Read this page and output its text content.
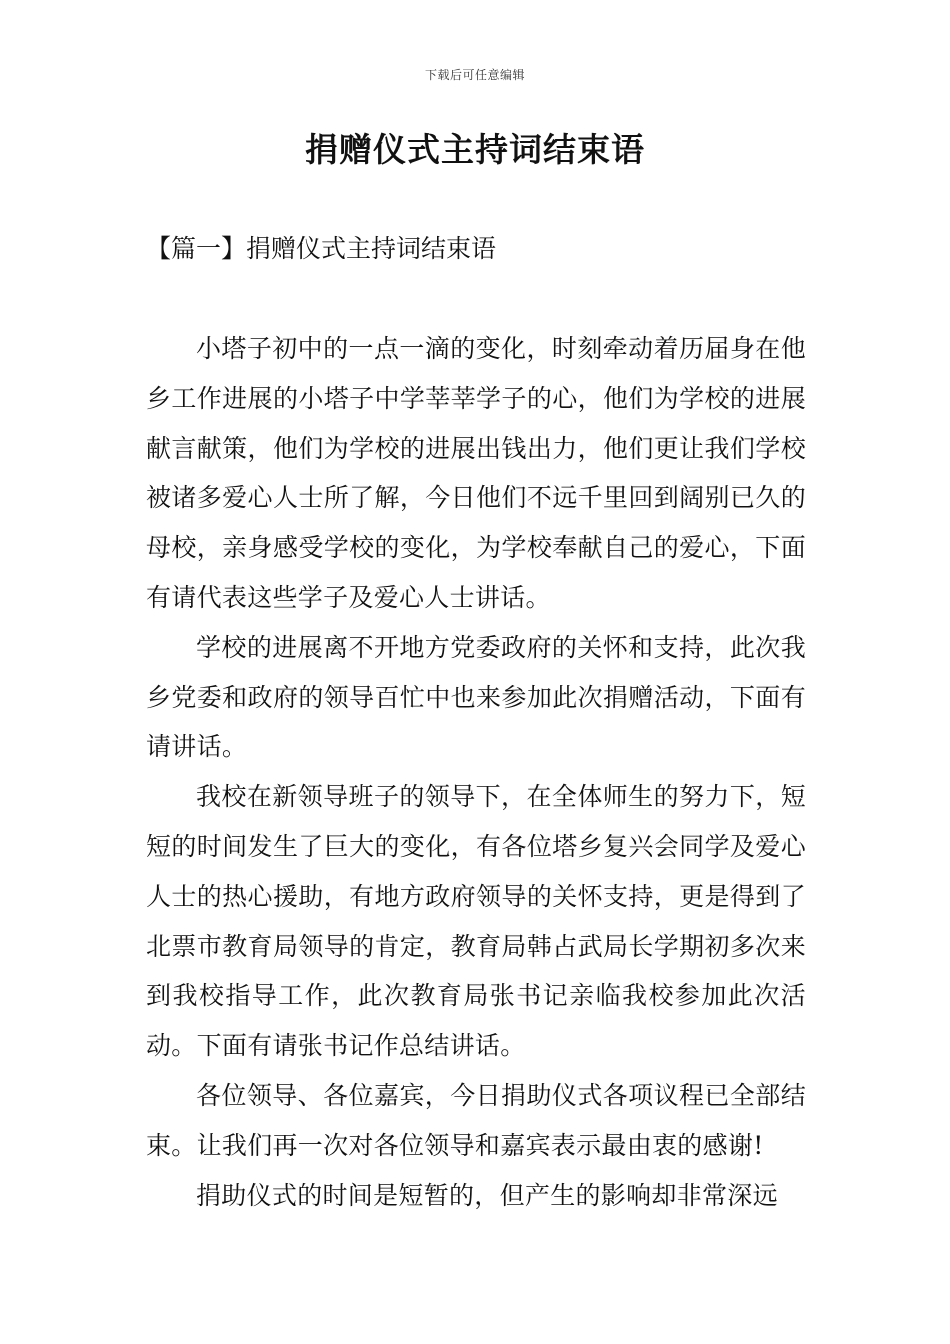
下载后可任意编辑
捐赠仪式主持词结束语
【篇一】捐赠仪式主持词结束语

小塔子初中的一点一滴的变化，时刻牵动着历届身在他乡工作进展的小塔子中学莘莘学子的心，他们为学校的进展献言献策，他们为学校的进展出钱出力，他们更让我们学校被诸多爱心人士所了解，今日他们不远千里回到阔别已久的母校，亲身感受学校的变化，为学校奉献自己的爱心，下面有请代表这些学子及爱心人士讲话。

学校的进展离不开地方党委政府的关怀和支持，此次我乡党委和政府的领导百忙中也来参加此次捐赠活动，下面有请讲话。

我校在新领导班子的领导下，在全体师生的努力下，短短的时间发生了巨大的变化，有各位塔乡复兴会同学及爱心人士的热心援助，有地方政府领导的关怀支持，更是得到了北票市教育局领导的肯定，教育局韩占武局长学期初多次来到我校指导工作，此次教育局张书记亲临我校参加此次活动。下面有请张书记作总结讲话。

各位领导、各位嘉宾，今日捐助仪式各项议程已全部结束。让我们再一次对各位领导和嘉宾表示最由衷的感谢!

捐助仪式的时间是短暂的，但产生的影响却非常深远
